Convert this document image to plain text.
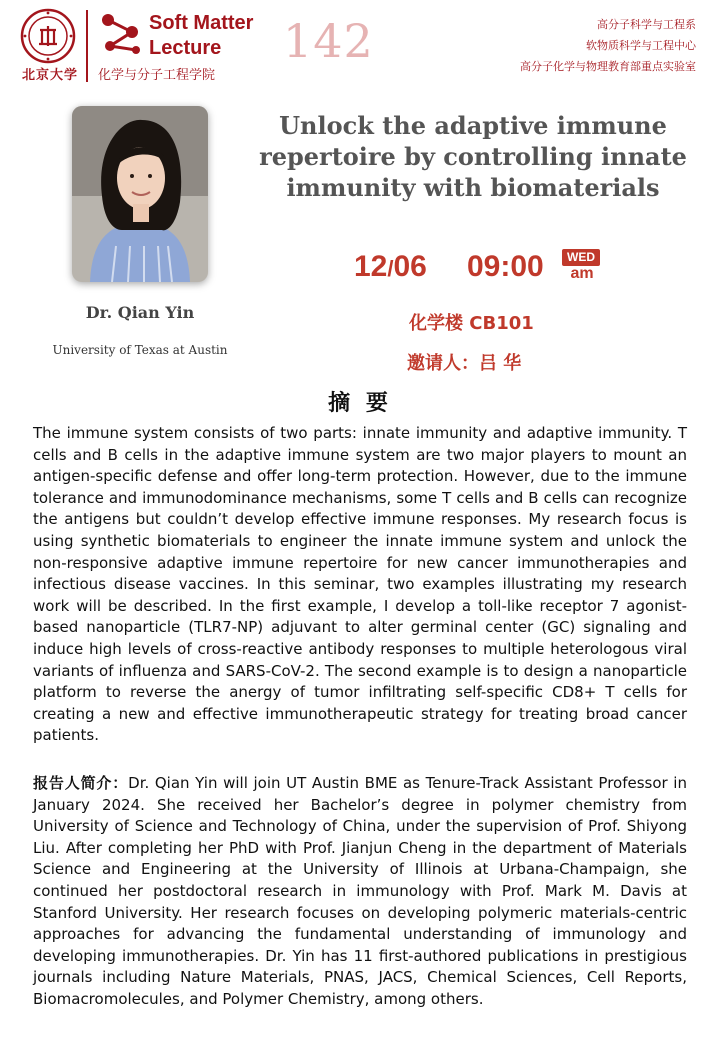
北京大学
Soft Matter Lecture	142
化学与分子工程学院
高分子科学与工程系
软物质科学与工程中心
高分子化学与物理教育部重点实验室
Dr. Qian Yin
University of Texas at Austin
Unlock the adaptive immune repertoire by controlling innate immunity with biomaterials
12/06 09:00	WED
am
化学楼 CB101
邀请人：吕 华
摘 要
The immune system consists of two parts: innate immunity and adaptive immunity. T cells and B cells in the adaptive immune system are two major players to mount an antigen-specific defense and offer long-term protection. However, due to the immune tolerance and immunodominance mechanisms, some T cells and B cells can recognize the antigens but couldn’t develop effective immune responses. My research focus is using synthetic biomaterials to engineer the innate immune system and unlock the non-responsive adaptive immune repertoire for new cancer immunotherapies and infectious disease vaccines. In this seminar, two examples illustrating my research work will be described. In the first example, I develop a toll-like receptor 7 agonist-based nanoparticle (TLR7-NP) adjuvant to alter germinal center (GC) signaling and induce high levels of cross-reactive antibody responses to multiple heterologous viral variants of influenza and SARS-CoV-2. The second example is to design a nanoparticle platform to reverse the anergy of tumor infiltrating self-specific CD8+ T cells for creating a new and effective immunotherapeutic strategy for treating broad cancer patients.
报告人简介：Dr. Qian Yin will join UT Austin BME as Tenure-Track Assistant Professor in January 2024. She received her Bachelor’s degree in polymer chemistry from University of Science and Technology of China, under the supervision of Prof. Shiyong Liu. After completing her PhD with Prof. Jianjun Cheng in the department of Materials Science and Engineering at the University of Illinois at Urbana-Champaign, she continued her postdoctoral research in immunology with Prof. Mark M. Davis at Stanford University. Her research focuses on developing polymeric materials-centric approaches for advancing the fundamental understanding of immunology and developing immunotherapies. Dr. Yin has 11 first-authored publications in prestigious journals including Nature Materials, PNAS, JACS, Chemical Sciences, Cell Reports, Biomacromolecules, and Polymer Chemistry, among others.
